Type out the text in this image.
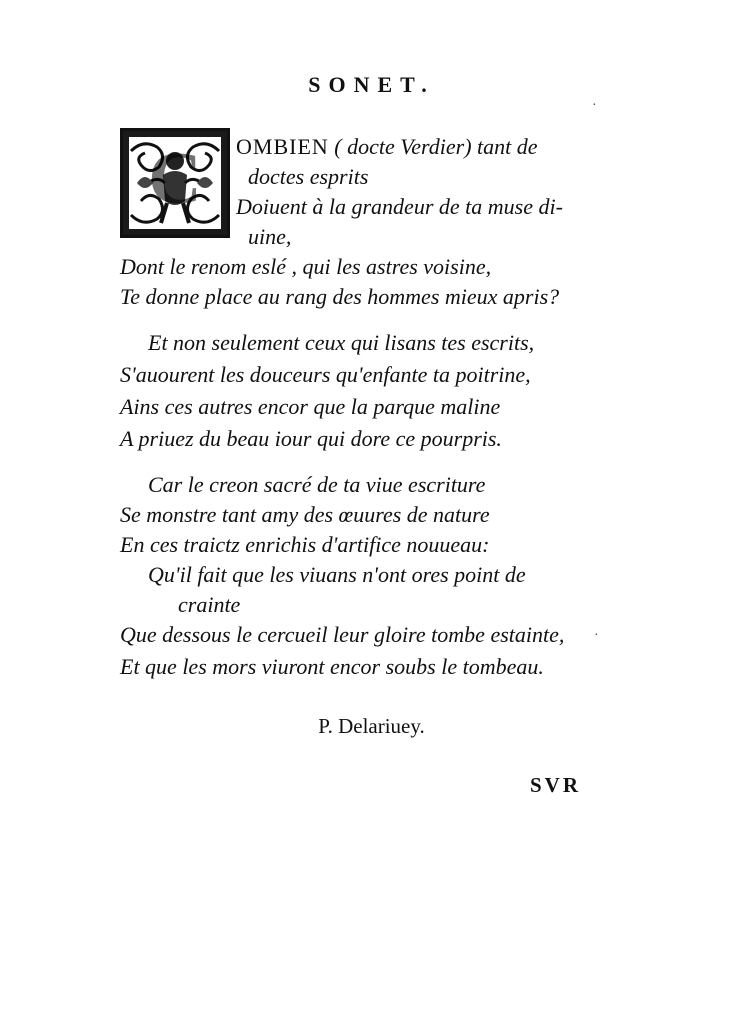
SONET.
·
C OMBIEN ( docte Verdier) tant de
doctes esprits
Doiuent à la grandeur de ta muse di-
uine,
Dont le renom eslé , qui les astres voisine,
Te donne place au rang des hommes mieux apris?
Et non seulement ceux qui lisans tes escrits,
S'auourent les douceurs qu'enfante ta poitrine,
Ains ces autres encor que la parque maline
A priuez du beau iour qui dore ce pourpris.
Car le creon sacré de ta viue escriture
Se monstre tant amy des œuures de nature
En ces traictz enrichis d'artifice nouueau:
Qu'il fait que les viuans n'ont ores point de
crainte
Que dessous le cercueil leur gloire tombe estainte,
Et que les mors viuront encor soubs le tombeau.
·
P. Delariuey.
SVR
